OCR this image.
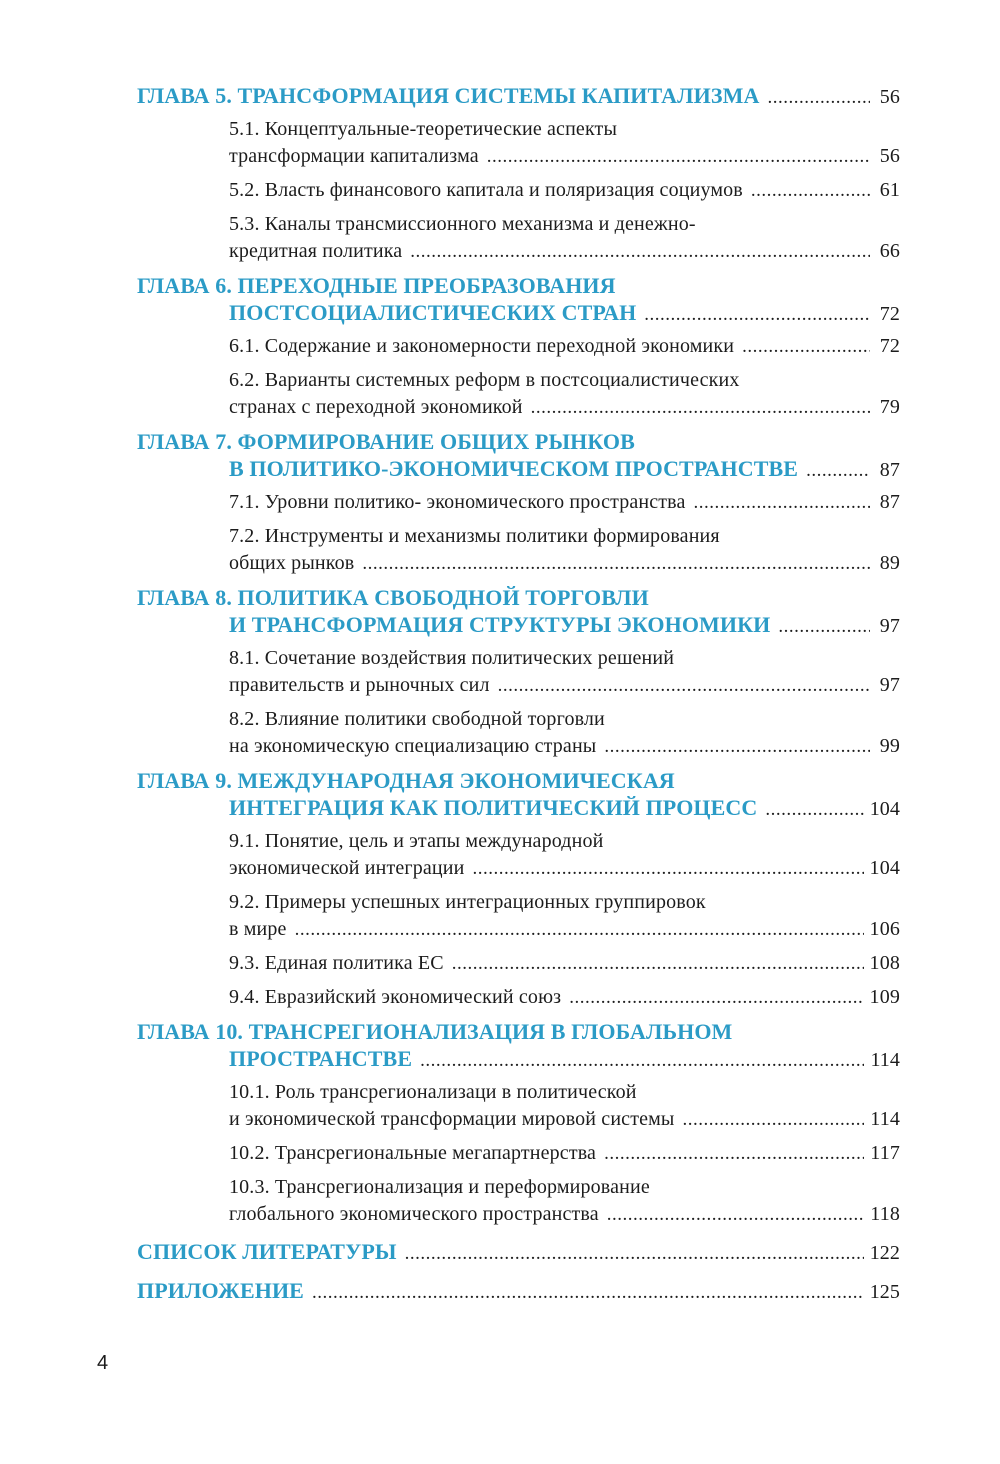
ГЛАВА 5. ТРАНСФОРМАЦИЯ СИСТЕМЫ КАПИТАЛИЗМА .....	56
5.1. Концептуальные-теоретические аспекты
трансформации капитализма .....	56
5.2. Власть финансового капитала и поляризация социумов .....	61
5.3. Каналы трансмиссионного механизма и денежно-
кредитная политика .....	66
ГЛАВА 6. ПЕРЕХОДНЫЕ ПРЕОБРАЗОВАНИЯ
ПОСТСОЦИАЛИСТИЧЕСКИХ СТРАН .....	72
6.1. Содержание и закономерности переходной экономики .....	72
6.2. Варианты системных реформ в постсоциалистических
странах с переходной экономикой .....	79
ГЛАВА 7. ФОРМИРОВАНИЕ ОБЩИХ РЫНКОВ
В ПОЛИТИКО-ЭКОНОМИЧЕСКОМ ПРОСТРАНСТВЕ .....	87
7.1. Уровни политико- экономического пространства .....	87
7.2. Инструменты и механизмы политики формирования
общих рынков .....	89
ГЛАВА 8. ПОЛИТИКА СВОБОДНОЙ ТОРГОВЛИ
И ТРАНСФОРМАЦИЯ СТРУКТУРЫ ЭКОНОМИКИ .....	97
8.1. Сочетание воздействия политических решений
правительств и рыночных сил .....	97
8.2. Влияние политики свободной торговли
на экономическую специализацию страны .....	99
ГЛАВА 9. МЕЖДУНАРОДНАЯ ЭКОНОМИЧЕСКАЯ
ИНТЕГРАЦИЯ КАК ПОЛИТИЧЕСКИЙ ПРОЦЕСС .....	104
9.1. Понятие, цель и этапы международной
экономической интеграции .....	104
9.2. Примеры успешных интеграционных группировок
в мире .....	106
9.3. Единая политика ЕС .....	108
9.4. Евразийский экономический союз .....	109
ГЛАВА 10. ТРАНСРЕГИОНАЛИЗАЦИЯ В ГЛОБАЛЬНОМ
ПРОСТРАНСТВЕ .....	114
10.1. Роль трансрегионализаци в политической
и экономической трансформации мировой системы .....	114
10.2. Трансрегиональные мегапартнерства .....	117
10.3. Трансрегионализация и переформирование
глобального экономического пространства .....	118
СПИСОК ЛИТЕРАТУРЫ .....	122
ПРИЛОЖЕНИЕ .....	125
4
